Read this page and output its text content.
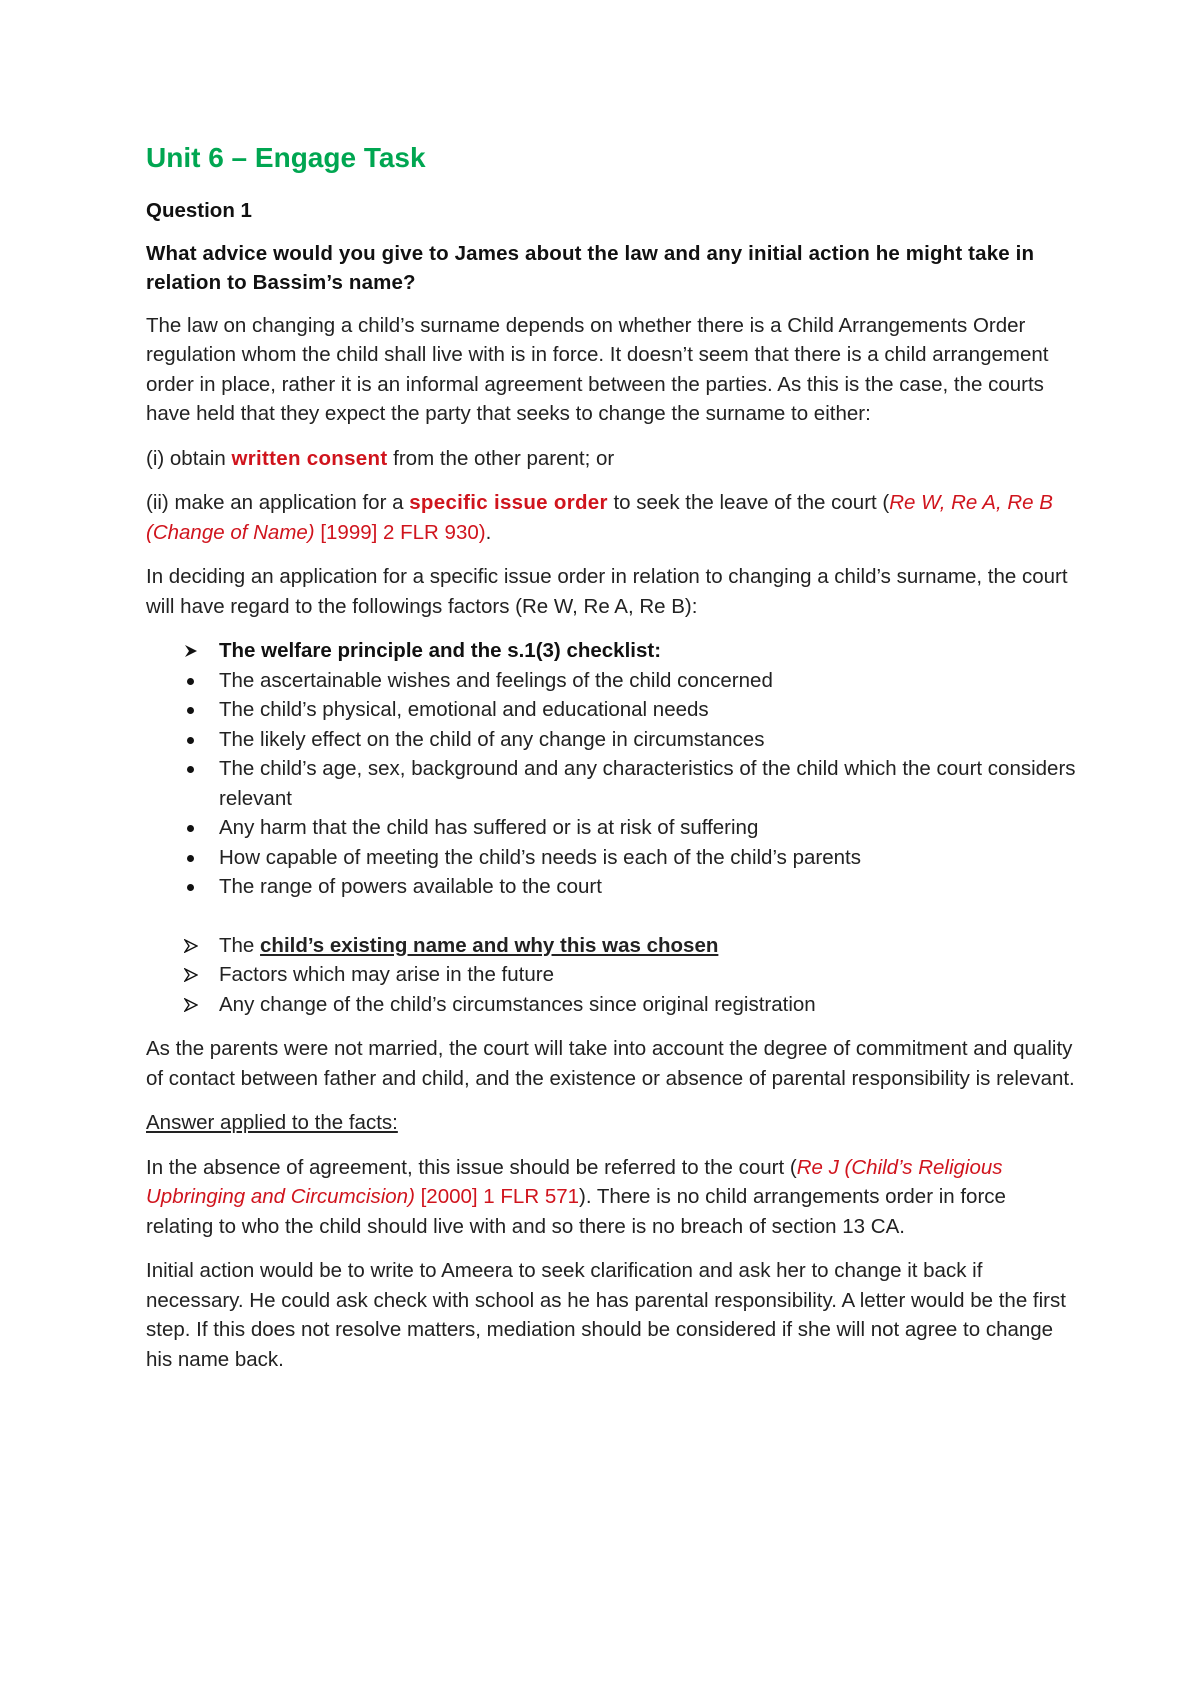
Unit 6 – Engage Task
Question 1
What advice would you give to James about the law and any initial action he might take in relation to Bassim’s name?

The law on changing a child’s surname depends on whether there is a Child Arrangements Order regulation whom the child shall live with is in force. It doesn’t seem that there is a child arrangement order in place, rather it is an informal agreement between the parties. As this is the case, the courts have held that they expect the party that seeks to change the surname to either:

(i) obtain written consent from the other parent; or

(ii) make an application for a specific issue order to seek the leave of the court (Re W, Re A, Re B (Change of Name) [1999] 2 FLR 930).

In deciding an application for a specific issue order in relation to changing a child’s surname, the court will have regard to the followings factors (Re W, Re A, Re B):

The welfare principle and the s.1(3) checklist:
The ascertainable wishes and feelings of the child concerned
The child’s physical, emotional and educational needs
The likely effect on the child of any change in circumstances
The child’s age, sex, background and any characteristics of the child which the court considers relevant
Any harm that the child has suffered or is at risk of suffering
How capable of meeting the child’s needs is each of the child’s parents
The range of powers available to the court
The child’s existing name and why this was chosen
Factors which may arise in the future
Any change of the child’s circumstances since original registration

As the parents were not married, the court will take into account the degree of commitment and quality of contact between father and child, and the existence or absence of parental responsibility is relevant.

Answer applied to the facts:

In the absence of agreement, this issue should be referred to the court (Re J (Child’s Religious Upbringing and Circumcision) [2000] 1 FLR 571). There is no child arrangements order in force relating to who the child should live with and so there is no breach of section 13 CA.

Initial action would be to write to Ameera to seek clarification and ask her to change it back if necessary. He could ask check with school as he has parental responsibility. A letter would be the first step. If this does not resolve matters, mediation should be considered if she will not agree to change his name back.
